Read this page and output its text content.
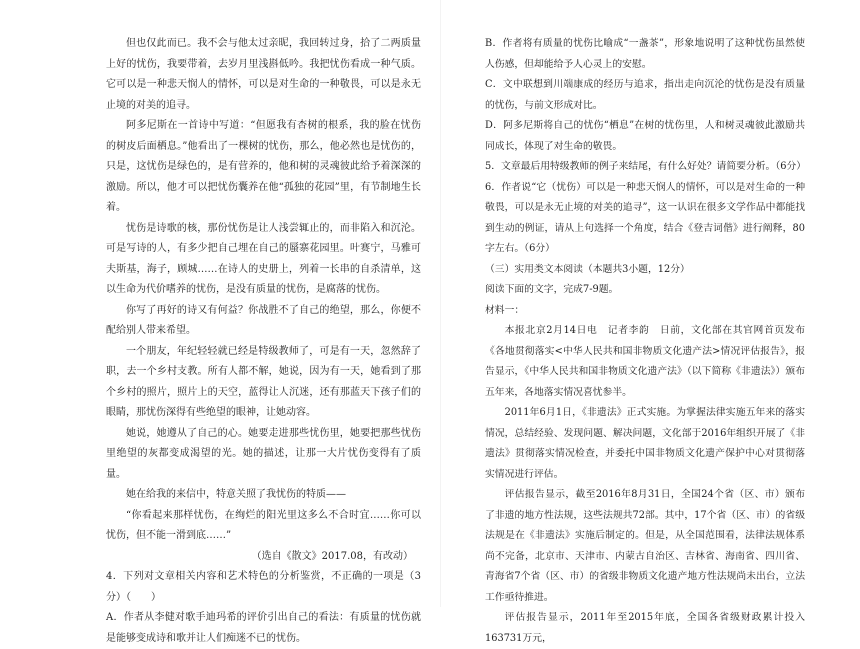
但也仅此而已。我不会与他太过亲昵，我回转过身，拾了二两质量上好的忧伤，我要带着，去岁月里浅斟低吟。我把忧伤看成一种气质。它可以是一种悲天悯人的情怀，可以是对生命的一种敬畏，可以是永无止境的对美的追寻。

阿多尼斯在一首诗中写道：“但愿我有杏树的根系，我的脸在忧伤的树皮后面栖息。”他看出了一棵树的忧伤，那么，他必然也是忧伤的，只是，这忧伤是绿色的，是有营养的，他和树的灵魂彼此给予着深深的激励。所以，他才可以把忧伤囊养在他“孤独的花园”里，有节制地生长着。

忧伤是诗歌的核，那份忧伤是让人浅尝辄止的，而非陷入和沉沦。可是写诗的人，有多少把自己埋在自己的蜃寨花园里。叶赛宁，马雅可夫斯基，海子，顾城……在诗人的史册上，列着一长串的自杀清单，这以生命为代价嗜养的忧伤，是没有质量的忧伤，是腐落的忧伤。

你写了再好的诗又有何益？你战胜不了自己的绝望，那么，你便不配给别人带来希望。

一个朋友，年纪轻轻就已经是特级教师了，可是有一天，忽然辞了职，去一个乡村支教。所有人都不解，她说，因为有一天，她看到了那个乡村的照片，照片上的天空，蓝得让人沉迷，还有那蓝天下孩子们的眼睛，那忧伤深得有些绝望的眼神，让她动容。

她说，她遵从了自己的心。她要走进那些忧伤里，她要把那些忧伤里绝望的灰都变成渴望的光。她的描述，让那一大片忧伤变得有了质量。

她在给我的来信中，特意关照了我忧伤的特质——

“你看起来那样忧伤，在绚烂的阳光里这多么不合时宜……你可以忧伤，但不能一滑到底……”

（选自《散文》2017.08，有改动）

4．下列对文章相关内容和艺术特色的分析鉴赏，不正确的一项是（3分）（　　）

A．作者从李健对歌手迪玛希的评价引出自己的看法：有质量的忧伤就是能够变成诗和歌并让人们痴迷不已的忧伤。

B．作者将有质量的忧伤比喻成“一盏茶”，形象地说明了这种忧伤虽然使人伤感，但却能给予人心灵上的安慰。

C．文中联想到川端康成的经历与追求，指出走向沉沦的忧伤是没有质量的忧伤，与前文形成对比。

D．阿多尼斯将自己的忧伤“栖息”在树的忧伤里，人和树灵魂彼此激励共同成长，体现了对生命的敬畏。

5．文章最后用特级教师的例子来结尾，有什么好处？请简要分析。（6分）

6．作者说“它（忧伤）可以是一种悲天悯人的情怀，可以是对生命的一种敬畏，可以是永无止境的对美的追寻”，这一认识在很多文学作品中都能找到生动的例证，请从上句选择一个角度，结合《登吉词偕》进行阐释，80字左右。（6分）

（三）实用类文本阅读（本题共3小题，12分）

阅读下面的文字，完成7-9题。

材料一：

本报北京2月14日电　记者李韵　日前，文化部在其官网首页发布《各地贯彻落实<中华人民共和国非物质文化遗产法>情况评估报告》，报告显示，《中华人民共和国非物质文化遗产法》（以下简称《非遗法》）颁布五年来，各地落实情况喜忧参半。

2011年6月1日，《非遗法》正式实施。为掌握法律实施五年来的落实情况，总结经验、发现问题、解决问题，文化部于2016年组织开展了《非遗法》贯彻落实情况检查，并委托中国非物质文化遗产保护中心对贯彻落实情况进行评估。

评估报告显示，截至2016年8月31日，全国24个省（区、市）颁布了非遗的地方性法规，这些法规共72部。其中，17个省（区、市）的省级法规是在《非遗法》实施后制定的。但是，从全国范围看，法律法规体系尚不完备，北京市、天津市、内蒙古自治区、吉林省、海南省、四川省、青海省7个省（区、市）的省级非物质文化遗产地方性法规尚未出台，立法工作亟待推进。

评估报告显示，2011年至2015年底，全国各省级财政累计投入163731万元，
